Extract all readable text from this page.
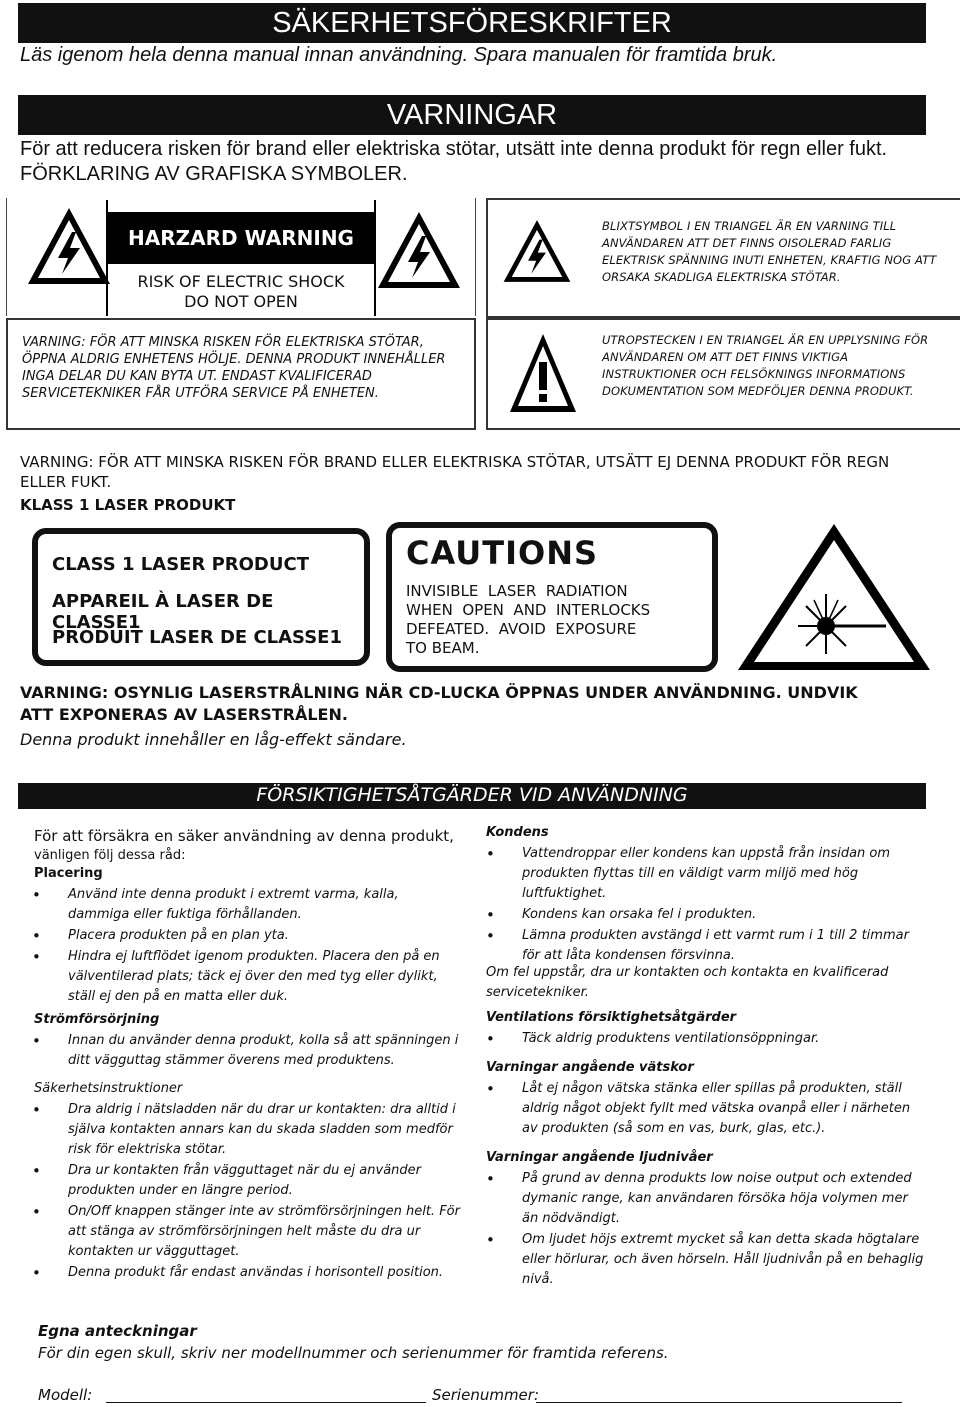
SÄKERHETSFÖRESKRIFTER
Läs igenom hela denna manual innan användning. Spara manualen för framtida bruk.
VARNINGAR
För att reducera risken för brand eller elektriska stötar, utsätt inte denna produkt för regn eller fukt.
FÖRKLARING AV GRAFISKA SYMBOLER.
HARZARD WARNING
RISK OF ELECTRIC SHOCK
DO NOT OPEN
BLIXTSYMBOL I EN TRIANGEL ÄR EN VARNING TILL ANVÄNDAREN ATT DET FINNS OISOLERAD FARLIG ELEKTRISK SPÄNNING INUTI ENHETEN, KRAFTIG NOG ATT ORSAKA SKADLIGA ELEKTRISKA STÖTAR.
VARNING: FÖR ATT MINSKA RISKEN FÖR ELEKTRISKA STÖTAR, ÖPPNA ALDRIG ENHETENS HÖLJE. DENNA PRODUKT INNEHÅLLER INGA DELAR DU KAN BYTA UT. ENDAST KVALIFICERAD SERVICETEKNIKER FÅR UTFÖRA SERVICE PÅ ENHETEN.
UTROPSTECKEN I EN TRIANGEL ÄR EN UPPLYSNING FÖR ANVÄNDAREN OM ATT DET FINNS VIKTIGA INSTRUKTIONER OCH FELSÖKNINGS INFORMATIONS DOKUMENTATION SOM MEDFÖLJER DENNA PRODUKT.
VARNING: FÖR ATT MINSKA RISKEN FÖR BRAND ELLER ELEKTRISKA STÖTAR, UTSÄTT EJ DENNA PRODUKT FÖR REGN ELLER FUKT.
KLASS 1 LASER PRODUKT
CLASS 1 LASER PRODUCT
APPAREIL À LASER DE CLASSE1
PRODUIT LASER DE CLASSE1
CAUTIONS
INVISIBLE  LASER  RADIATION
WHEN  OPEN  AND  INTERLOCKS
DEFEATED.  AVOID  EXPOSURE
TO BEAM.
VARNING: OSYNLIG LASERSTRÅLNING NÄR CD-LUCKA ÖPPNAS UNDER ANVÄNDNING. UNDVIK ATT EXPONERAS AV LASERSTRÅLEN.
Denna produkt innehåller en låg-effekt sändare.
FÖRSIKTIGHETSÅTGÄRDER VID ANVÄNDNING
För att försäkra en säker användning av denna produkt,
vänligen följ dessa råd:
Placering
• Använd inte denna produkt i extremt varma, kalla, dammiga eller fuktiga förhållanden.
• Placera produkten på en plan yta.
• Hindra ej luftflödet igenom produkten. Placera den på en välventilerad plats; täck ej över den med tyg eller dylikt, ställ ej den på en matta eller duk.
Strömförsörjning
• Innan du använder denna produkt, kolla så att spänningen i ditt vägguttag stämmer överens med produktens.
Säkerhetsinstruktioner
• Dra aldrig i nätsladden när du drar ur kontakten: dra alltid i själva kontakten annars kan du skada sladden som medför risk för elektriska stötar.
• Dra ur kontakten från vägguttaget när du ej använder produkten under en längre period.
• On/Off knappen stänger inte av strömförsörjningen helt. För att stänga av strömförsörjningen helt måste du dra ur kontakten ur vägguttaget.
• Denna produkt får endast användas i horisontell position.
Kondens
• Vattendroppar eller kondens kan uppstå från insidan om produkten flyttas till en väldigt varm miljö med hög luftfuktighet.
• Kondens kan orsaka fel i produkten.
• Lämna produkten avstängd i ett varmt rum i 1 till 2 timmar för att låta kondensen försvinna.
Om fel uppstår, dra ur kontakten och kontakta en kvalificerad servicetekniker.
Ventilations försiktighetsåtgärder
• Täck aldrig produktens ventilationsöppningar.
Varningar angående vätskor
• Låt ej någon vätska stänka eller spillas på produkten, ställ aldrig något objekt fyllt med vätska ovanpå eller i närheten av produkten (så som en vas, burk, glas, etc.).
Varningar angående ljudnivåer
• På grund av denna produkts low noise output och extended dymanic range, kan användaren försöka höja volymen mer än nödvändigt.
• Om ljudet höjs extremt mycket så kan detta skada högtalare eller hörlurar, och även hörseln. Håll ljudnivån på en behaglig nivå.
Egna anteckningar
För din egen skull, skriv ner modellnummer och serienummer för framtida referens.
Modell:	Serienummer:
